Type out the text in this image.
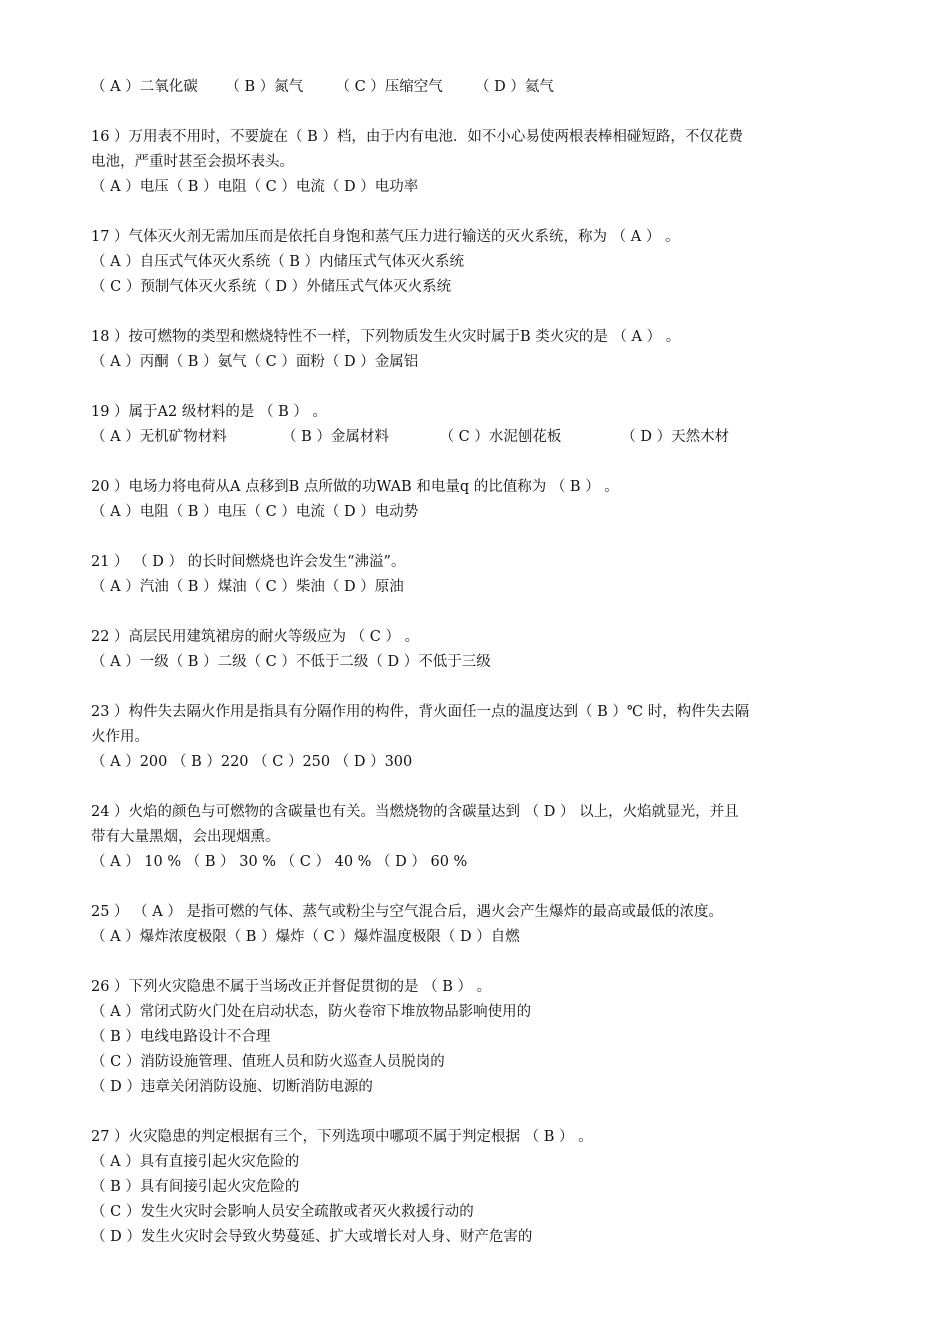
（ A ）二氧化碳      （ B ）氮气       （ C ）压缩空气       （ D ）氦气
16 ）万用表不用时，不要旋在（ B ）档，由于内有电池．如不小心易使两根表棒相碰短路，不仅花费
电池，严重时甚至会损坏表头。
（ A ）电压（ B ）电阻（ C ）电流（ D ）电功率
17 ）气体灭火剂无需加压而是依托自身饱和蒸气压力进行输送的灭火系统，称为 （ A ） 。
（ A ）自压式气体灭火系统（ B ）内储压式气体灭火系统
（ C ）预制气体灭火系统（ D ）外储压式气体灭火系统
18 ）按可燃物的类型和燃烧特性不一样，下列物质发生火灾时属于B 类火灾的是 （ A ） 。
（ A ）丙酮（ B ）氨气（ C ）面粉（ D ）金属铝
19 ）属于A2 级材料的是 （ B ） 。
（ A ）无机矿物材料            （ B ）金属材料           （ C ）水泥刨花板             （ D ）天然木材
20 ）电场力将电荷从A 点移到B 点所做的功WAB 和电量q 的比值称为 （ B ） 。
（ A ）电阻（ B ）电压（ C ）电流（ D ）电动势
21 ） （ D ） 的长时间燃烧也许会发生“沸溢”。
（ A ）汽油（ B ）煤油（ C ）柴油（ D ）原油
22 ）高层民用建筑裙房的耐火等级应为 （ C ） 。
（ A ）一级（ B ）二级（ C ）不低于二级（ D ）不低于三级
23 ）构件失去隔火作用是指具有分隔作用的构件，背火面任一点的温度达到（ B ）℃ 时，构件失去隔
火作用。
（ A ）200 （ B ）220 （ C ）250 （ D ）300
24 ）火焰的颜色与可燃物的含碳量也有关。当燃烧物的含碳量达到 （ D ） 以上，火焰就显光，并且
带有大量黑烟，会出现烟熏。
（ A ） 10 % （ B ） 30 % （ C ） 40 % （ D ） 60 %
25 ） （ A ） 是指可燃的气体、蒸气或粉尘与空气混合后，遇火会产生爆炸的最高或最低的浓度。
（ A ）爆炸浓度极限（ B ）爆炸（ C ）爆炸温度极限（ D ）自燃
26 ）下列火灾隐患不属于当场改正并督促贯彻的是 （ B ） 。
（ A ）常闭式防火门处在启动状态，防火卷帘下堆放物品影响使用的
（ B ）电线电路设计不合理
（ C ）消防设施管理、值班人员和防火巡查人员脱岗的
（ D ）违章关闭消防设施、切断消防电源的
27 ）火灾隐患的判定根据有三个，下列选项中哪项不属于判定根据 （ B ） 。
（ A ）具有直接引起火灾危险的
（ B ）具有间接引起火灾危险的
（ C ）发生火灾时会影响人员安全疏散或者灭火救援行动的
（ D ）发生火灾时会导致火势蔓延、扩大或增长对人身、财产危害的
